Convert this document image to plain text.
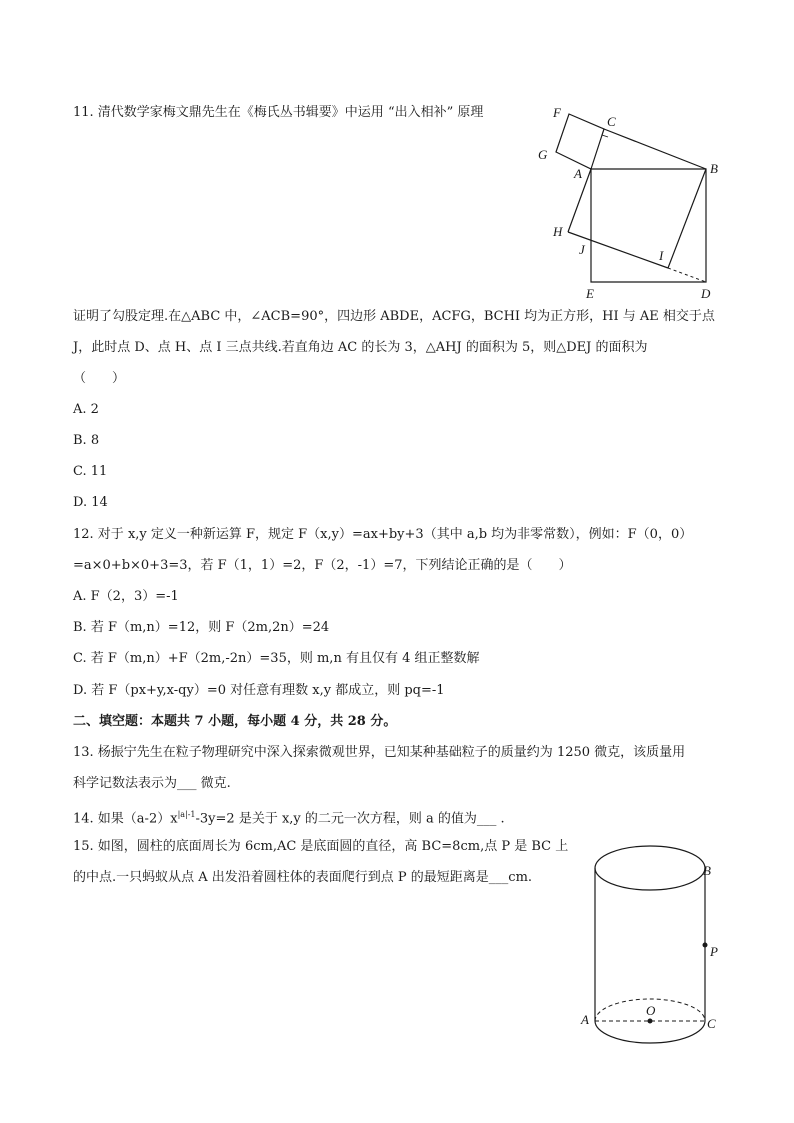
11. 清代数学家梅文鼎先生在《梅氏丛书辑要》中运用 “出入相补” 原理	F
C
G
A	B
H
J	I
E	D
证明了勾股定理.在△ABC 中，∠ACB=90°，四边形 ABDE，ACFG，BCHI 均为正方形，HI 与 AE 相交于点
J，此时点 D、点 H、点 I 三点共线.若直角边 AC 的长为 3，△AHJ 的面积为 5，则△DEJ 的面积为
（　　）
A. 2
B. 8
C. 11
D. 14
12. 对于 x,y 定义一种新运算 F，规定 F（x,y）=ax+by+3（其中 a,b 均为非零常数），例如：F（0，0）
=a×0+b×0+3=3，若 F（1，1）=2，F（2，-1）=7，下列结论正确的是（　　）
A. F（2，3）=-1
B. 若 F（m,n）=12，则 F（2m,2n）=24
C. 若 F（m,n）+F（2m,-2n）=35，则 m,n 有且仅有 4 组正整数解
D. 若 F（px+y,x-qy）=0 对任意有理数 x,y 都成立，则 pq=-1
二、填空题：本题共 7 小题，每小题 4 分，共 28 分。
13. 杨振宁先生在粒子物理研究中深入探索微观世界，已知某种基础粒子的质量约为 1250 微克，该质量用
科学记数法表示为___ 微克.
14. 如果$(a-2)x^{|a|-1}-3y=2$ 是关于 x,y 的二元一次方程，则 a 的值为___ .
15. 如图，圆柱的底面周长为 6cm,AC 是底面圆的直径，高 BC=8cm,点 P 是 BC 上
的中点.一只蚂蚁从点 A 出发沿着圆柱体的表面爬行到点 P 的最短距离是___cm.	B
P
A
O
C
